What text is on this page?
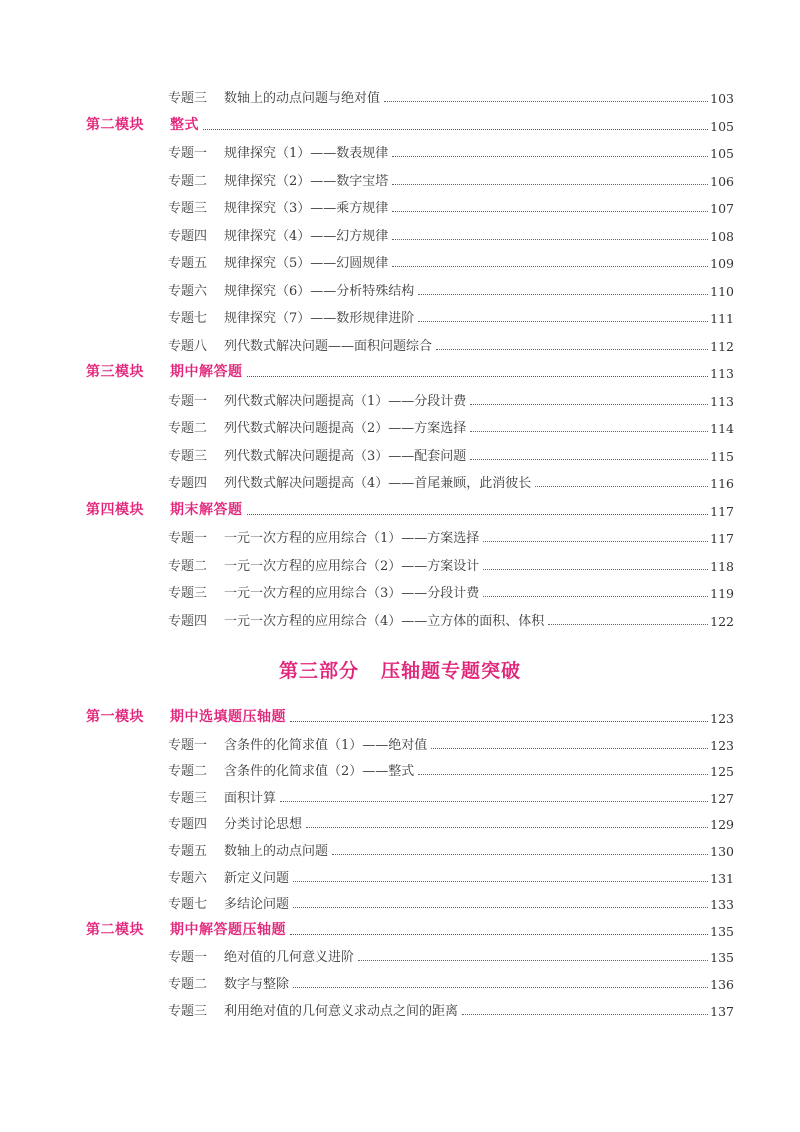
专题三 数轴上的动点问题与绝对值	103
第二模块 整式	105
专题一 规律探究（1）——数表规律	105
专题二 规律探究（2）——数字宝塔	106
专题三 规律探究（3）——乘方规律	107
专题四 规律探究（4）——幻方规律	108
专题五 规律探究（5）——幻圆规律	109
专题六 规律探究（6）——分析特殊结构	110
专题七 规律探究（7）——数形规律进阶	111
专题八 列代数式解决问题——面积问题综合	112
第三模块 期中解答题	113
专题一 列代数式解决问题提高（1）——分段计费	113
专题二 列代数式解决问题提高（2）——方案选择	114
专题三 列代数式解决问题提高（3）——配套问题	115
专题四 列代数式解决问题提高（4）——首尾兼顾，此消彼长	116
第四模块 期末解答题	117
专题一 一元一次方程的应用综合（1）——方案选择	117
专题二 一元一次方程的应用综合（2）——方案设计	118
专题三 一元一次方程的应用综合（3）——分段计费	119
专题四 一元一次方程的应用综合（4）——立方体的面积、体积	122
第三部分 压轴题专题突破
第一模块 期中选填题压轴题	123
专题一 含条件的化简求值（1）——绝对值	123
专题二 含条件的化简求值（2）——整式	125
专题三 面积计算	127
专题四 分类讨论思想	129
专题五 数轴上的动点问题	130
专题六 新定义问题	131
专题七 多结论问题	133
第二模块 期中解答题压轴题	135
专题一 绝对值的几何意义进阶	135
专题二 数字与整除	136
专题三 利用绝对值的几何意义求动点之间的距离	137
